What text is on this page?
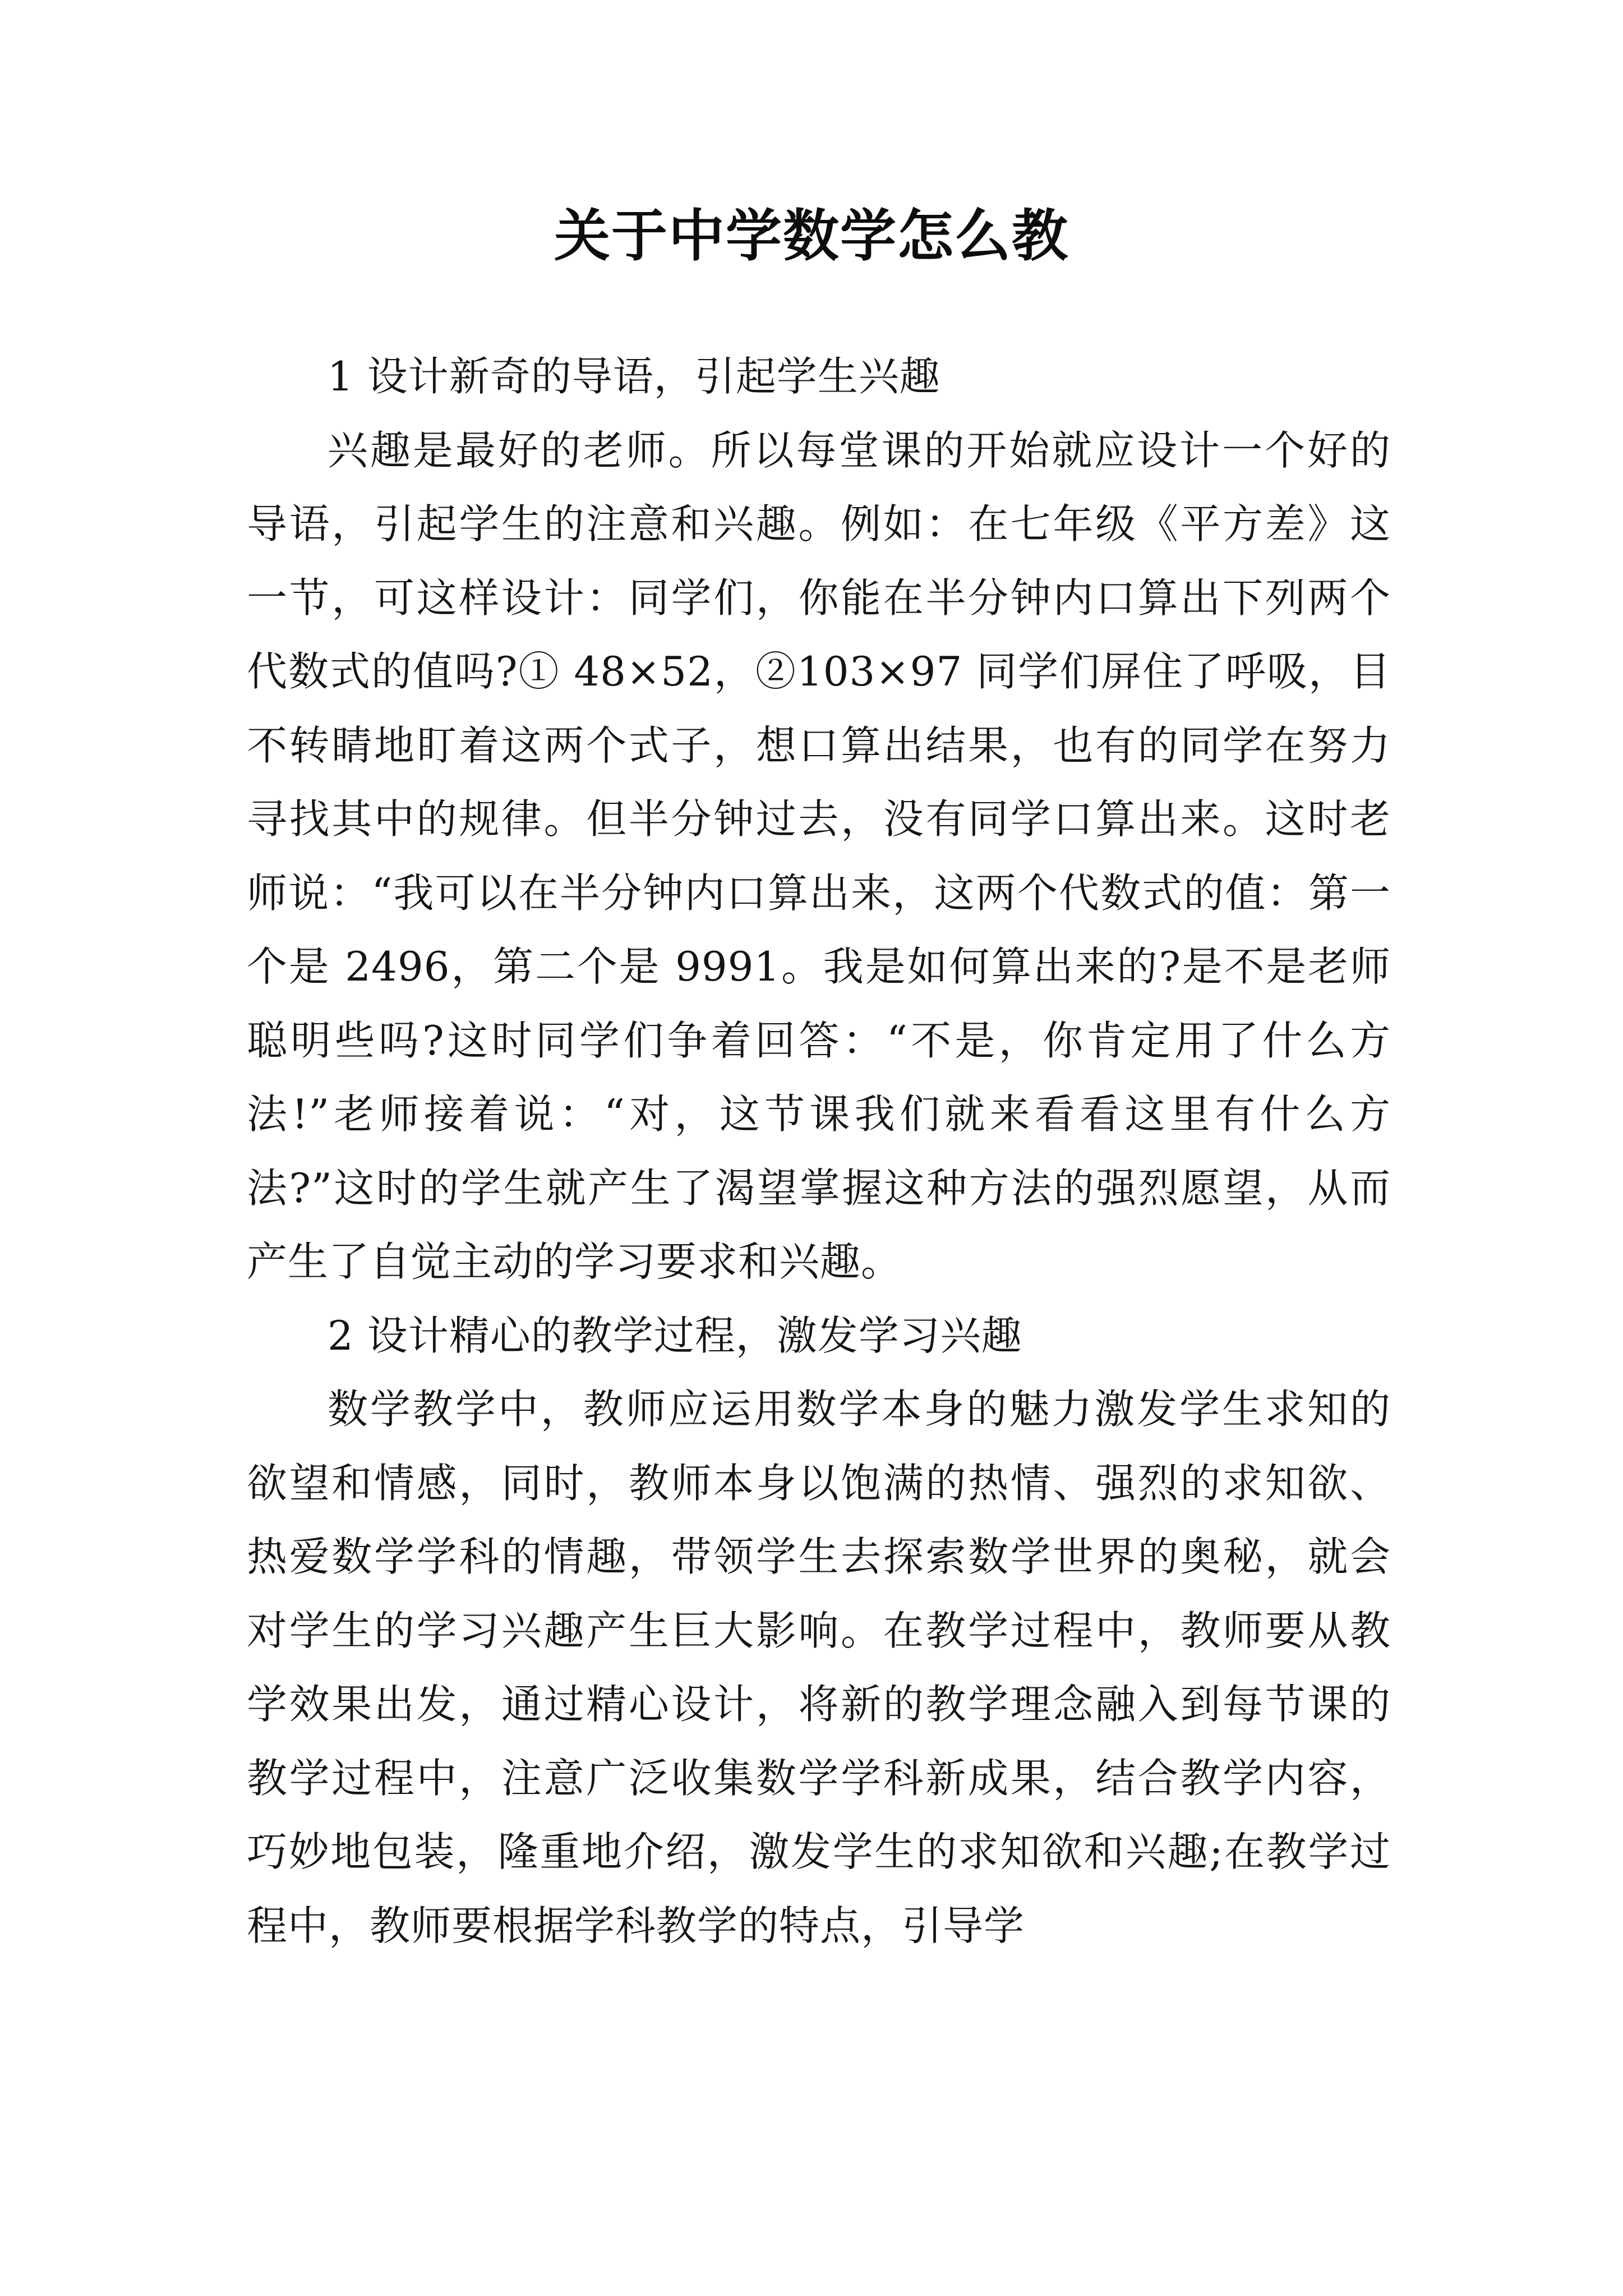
关于中学数学怎么教

1 设计新奇的导语，引起学生兴趣

兴趣是最好的老师。所以每堂课的开始就应设计一个好的导语，引起学生的注意和兴趣。例如：在七年级《平方差》这一节，可这样设计：同学们，你能在半分钟内口算出下列两个代数式的值吗?① 48×52，②103×97 同学们屏住了呼吸，目不转睛地盯着这两个式子，想口算出结果，也有的同学在努力寻找其中的规律。但半分钟过去，没有同学口算出来。这时老师说：“我可以在半分钟内口算出来，这两个代数式的值：第一个是 2496，第二个是 9991。我是如何算出来的?是不是老师聪明些吗?这时同学们争着回答：“不是，你肯定用了什么方法!”老师接着说：“对，这节课我们就来看看这里有什么方法?”这时的学生就产生了渴望掌握这种方法的强烈愿望，从而产生了自觉主动的学习要求和兴趣。

2 设计精心的教学过程，激发学习兴趣

数学教学中，教师应运用数学本身的魅力激发学生求知的欲望和情感，同时，教师本身以饱满的热情、强烈的求知欲、热爱数学学科的情趣，带领学生去探索数学世界的奥秘，就会对学生的学习兴趣产生巨大影响。在教学过程中，教师要从教学效果出发，通过精心设计，将新的教学理念融入到每节课的教学过程中，注意广泛收集数学学科新成果，结合教学内容，巧妙地包装，隆重地介绍，激发学生的求知欲和兴趣;在教学过程中，教师要根据学科教学的特点，引导学
